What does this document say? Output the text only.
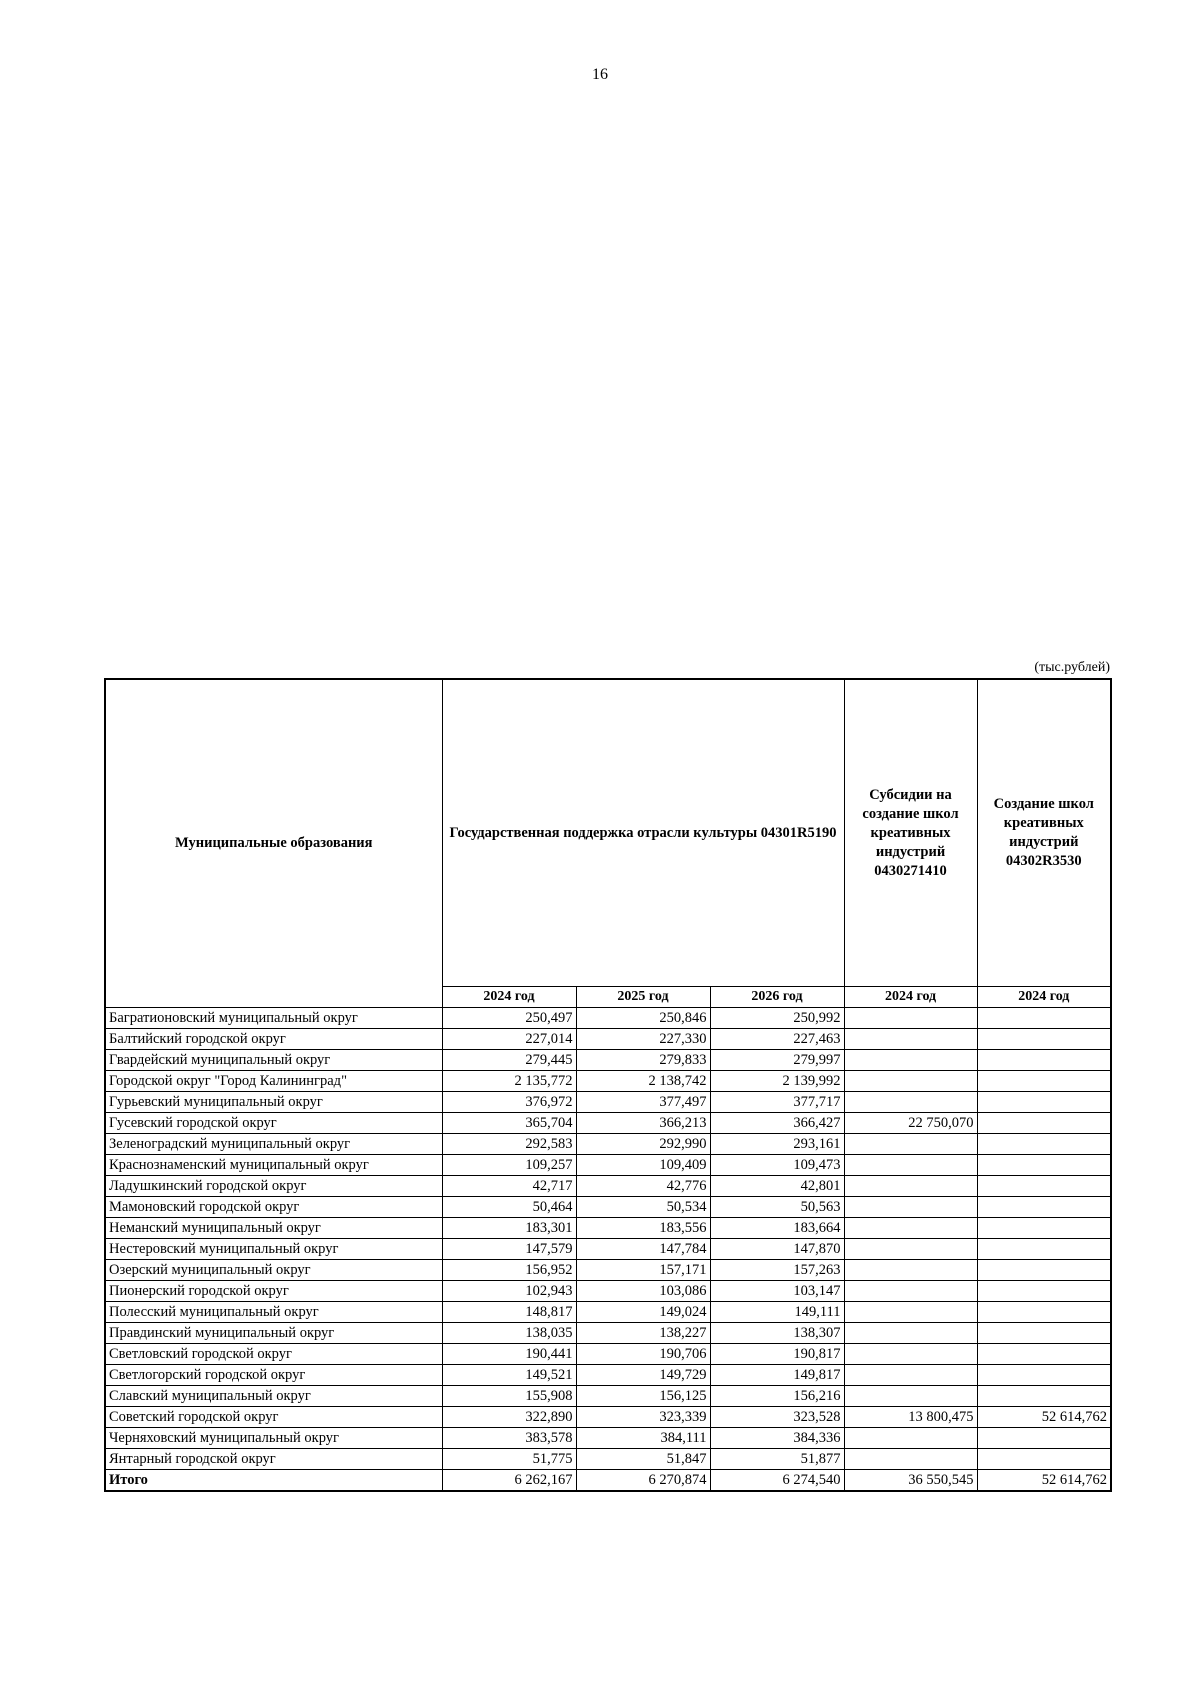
16
(тыс.рублей)
Муниципальные образования	Государственная поддержка отрасли культуры 04301R5190			Субсидии на создание школ креативных индустрий 0430271410	Создание школ креативных индустрий 04302R3530
	2024 год	2025 год	2026 год	2024 год	2024 год
Багратионовский муниципальный округ	250,497	250,846	250,992		
Балтийский городской округ	227,014	227,330	227,463		
Гвардейский муниципальный округ	279,445	279,833	279,997		
Городской округ "Город Калининград"	2 135,772	2 138,742	2 139,992		
Гурьевский муниципальный округ	376,972	377,497	377,717		
Гусевский городской округ	365,704	366,213	366,427	22 750,070	
Зеленоградский муниципальный округ	292,583	292,990	293,161		
Краснознаменский муниципальный округ	109,257	109,409	109,473		
Ладушкинский городской округ	42,717	42,776	42,801		
Мамоновский городской округ	50,464	50,534	50,563		
Неманский муниципальный округ	183,301	183,556	183,664		
Нестеровский муниципальный округ	147,579	147,784	147,870		
Озерский муниципальный округ	156,952	157,171	157,263		
Пионерский городской округ	102,943	103,086	103,147		
Полесский муниципальный округ	148,817	149,024	149,111		
Правдинский муниципальный округ	138,035	138,227	138,307		
Светловский городской округ	190,441	190,706	190,817		
Светлогорский городской округ	149,521	149,729	149,817		
Славский муниципальный округ	155,908	156,125	156,216		
Советский городской округ	322,890	323,339	323,528	13 800,475	52 614,762
Черняховский муниципальный округ	383,578	384,111	384,336		
Янтарный городской округ	51,775	51,847	51,877		
Итого	6 262,167	6 270,874	6 274,540	36 550,545	52 614,762
